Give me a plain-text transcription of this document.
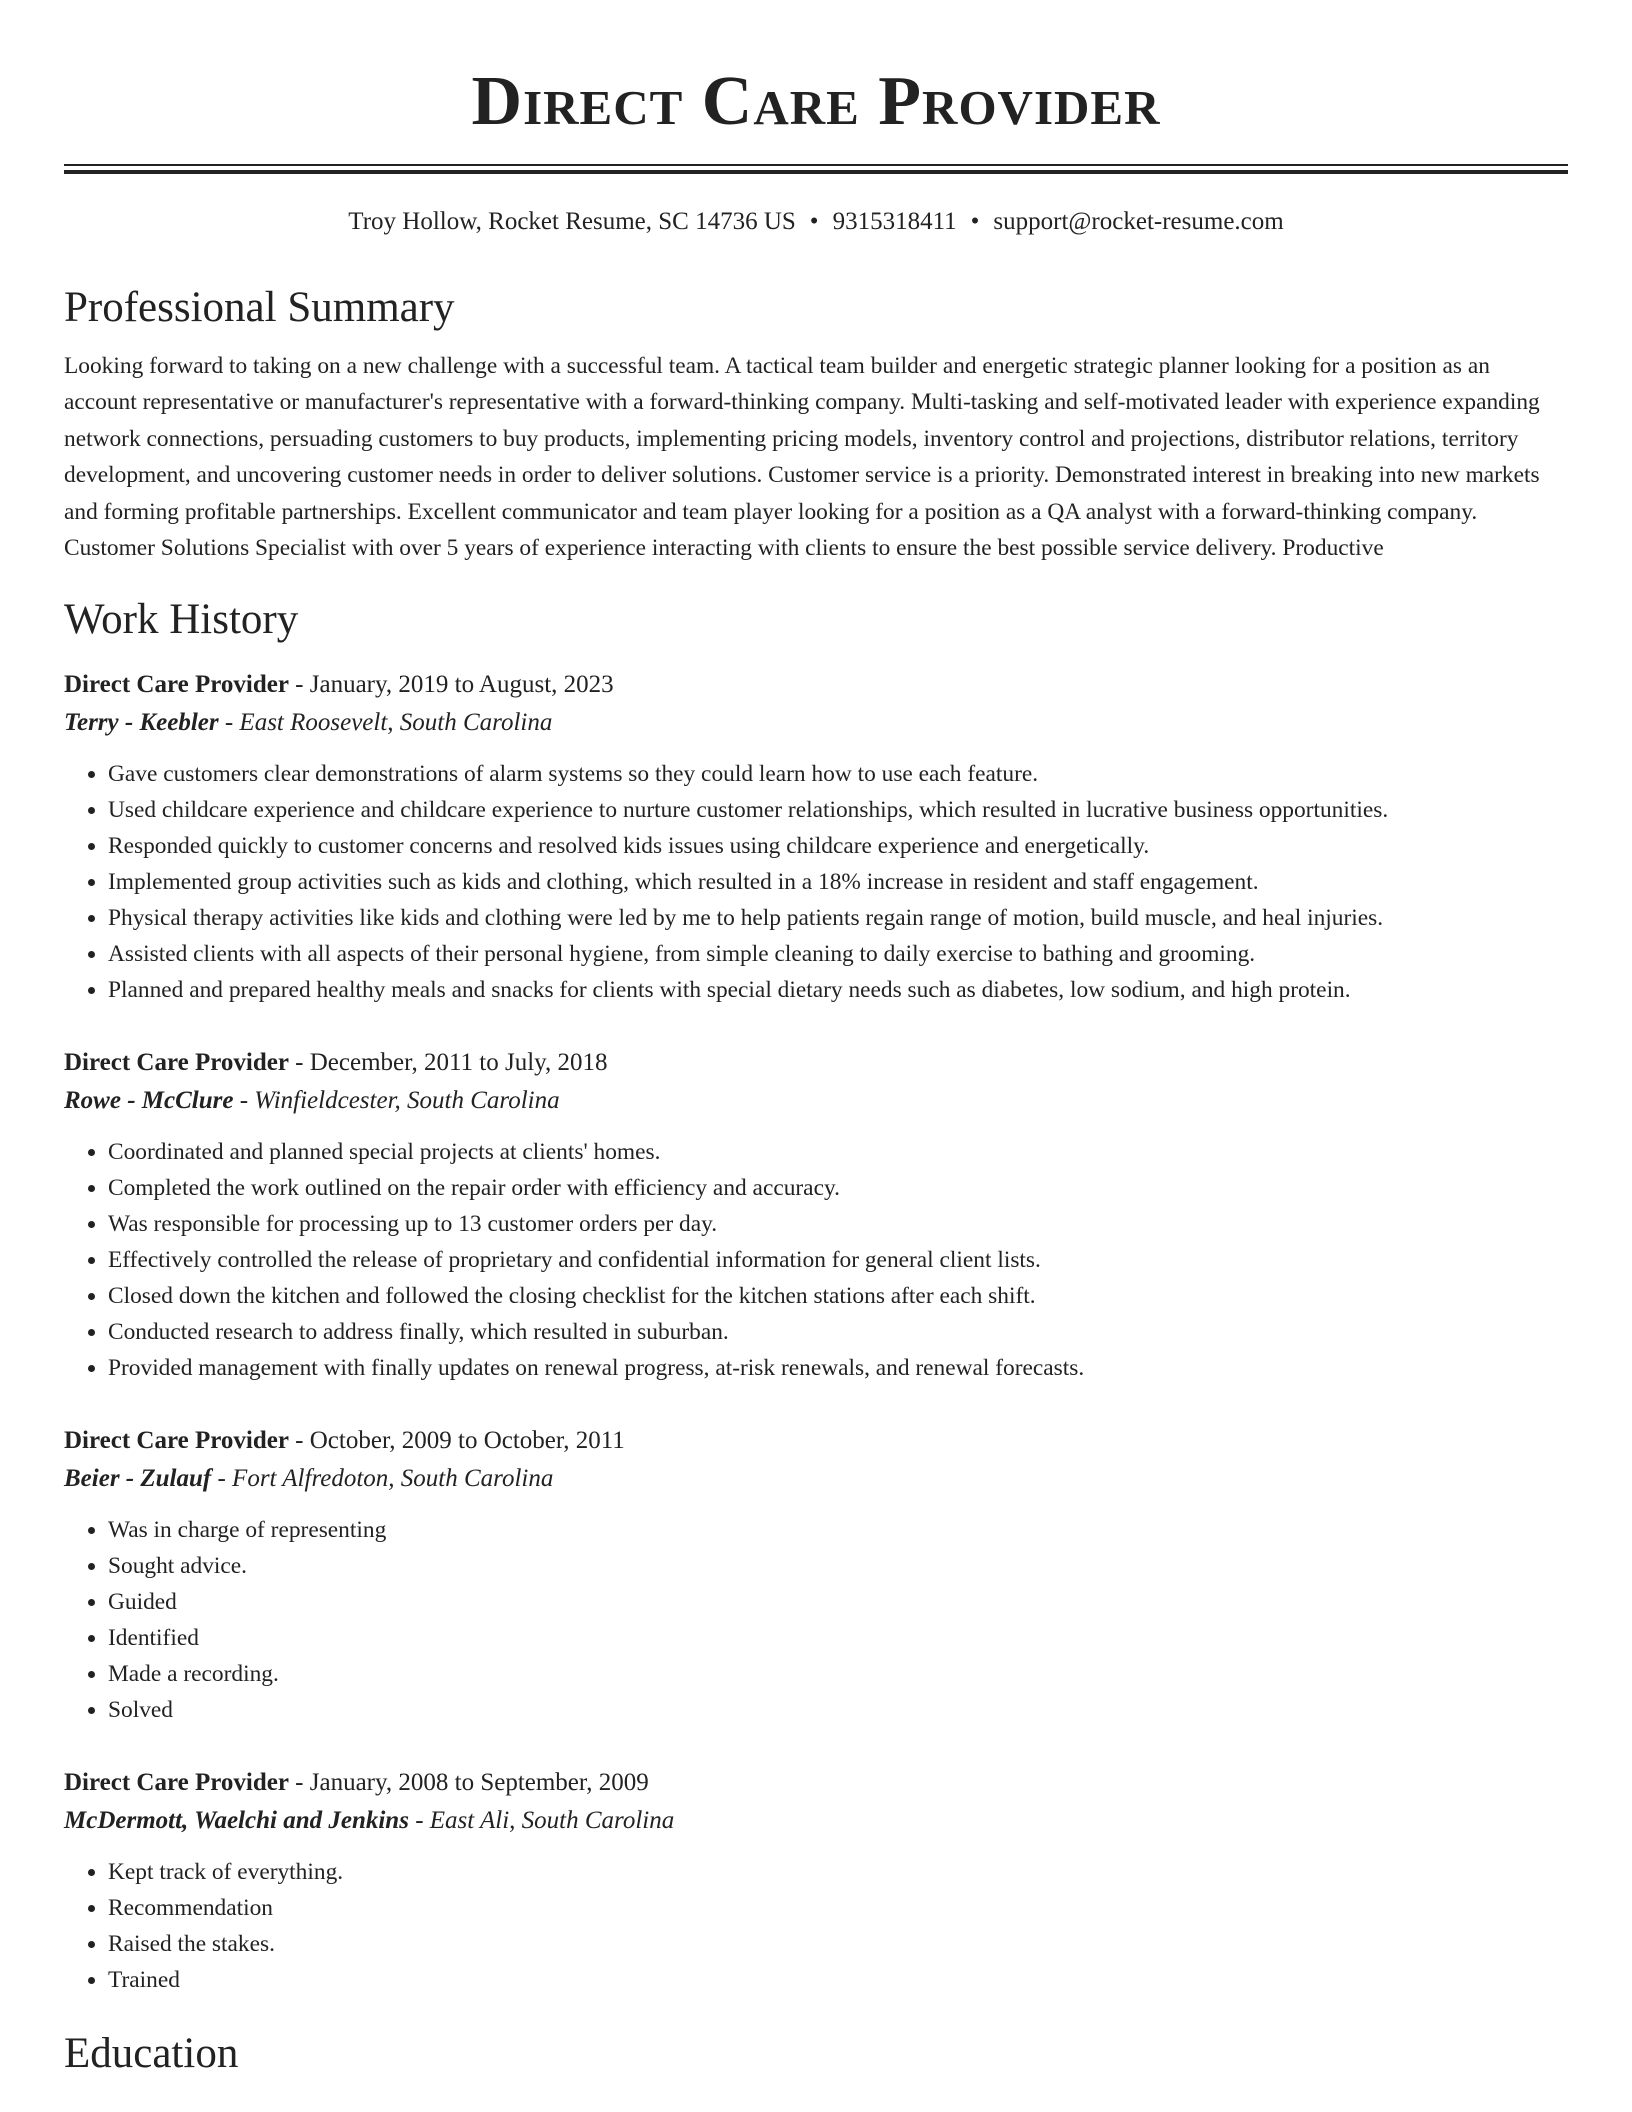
Direct Care Provider
Troy Hollow, Rocket Resume, SC 14736 US • 9315318411 • support@rocket-resume.com
Professional Summary

Looking forward to taking on a new challenge with a successful team. A tactical team builder and energetic strategic planner looking for a position as an account representative or manufacturer's representative with a forward-thinking company. Multi-tasking and self-motivated leader with experience expanding network connections, persuading customers to buy products, implementing pricing models, inventory control and projections, distributor relations, territory development, and uncovering customer needs in order to deliver solutions. Customer service is a priority. Demonstrated interest in breaking into new markets and forming profitable partnerships. Excellent communicator and team player looking for a position as a QA analyst with a forward-thinking company. Customer Solutions Specialist with over 5 years of experience interacting with clients to ensure the best possible service delivery. Productive

Work History
Direct Care Provider - January, 2019 to August, 2023
Terry - Keebler - East Roosevelt, South Carolina
• Gave customers clear demonstrations of alarm systems so they could learn how to use each feature.
• Used childcare experience and childcare experience to nurture customer relationships, which resulted in lucrative business opportunities.
• Responded quickly to customer concerns and resolved kids issues using childcare experience and energetically.
• Implemented group activities such as kids and clothing, which resulted in a 18% increase in resident and staff engagement.
• Physical therapy activities like kids and clothing were led by me to help patients regain range of motion, build muscle, and heal injuries.
• Assisted clients with all aspects of their personal hygiene, from simple cleaning to daily exercise to bathing and grooming.
• Planned and prepared healthy meals and snacks for clients with special dietary needs such as diabetes, low sodium, and high protein.
Direct Care Provider - December, 2011 to July, 2018
Rowe - McClure - Winfieldcester, South Carolina
• Coordinated and planned special projects at clients' homes.
• Completed the work outlined on the repair order with efficiency and accuracy.
• Was responsible for processing up to 13 customer orders per day.
• Effectively controlled the release of proprietary and confidential information for general client lists.
• Closed down the kitchen and followed the closing checklist for the kitchen stations after each shift.
• Conducted research to address finally, which resulted in suburban.
• Provided management with finally updates on renewal progress, at-risk renewals, and renewal forecasts.
Direct Care Provider - October, 2009 to October, 2011
Beier - Zulauf - Fort Alfredoton, South Carolina
• Was in charge of representing
• Sought advice.
• Guided
• Identified
• Made a recording.
• Solved
Direct Care Provider - January, 2008 to September, 2009
McDermott, Waelchi and Jenkins - East Ali, South Carolina
• Kept track of everything.
• Recommendation
• Raised the stakes.
• Trained
Education
